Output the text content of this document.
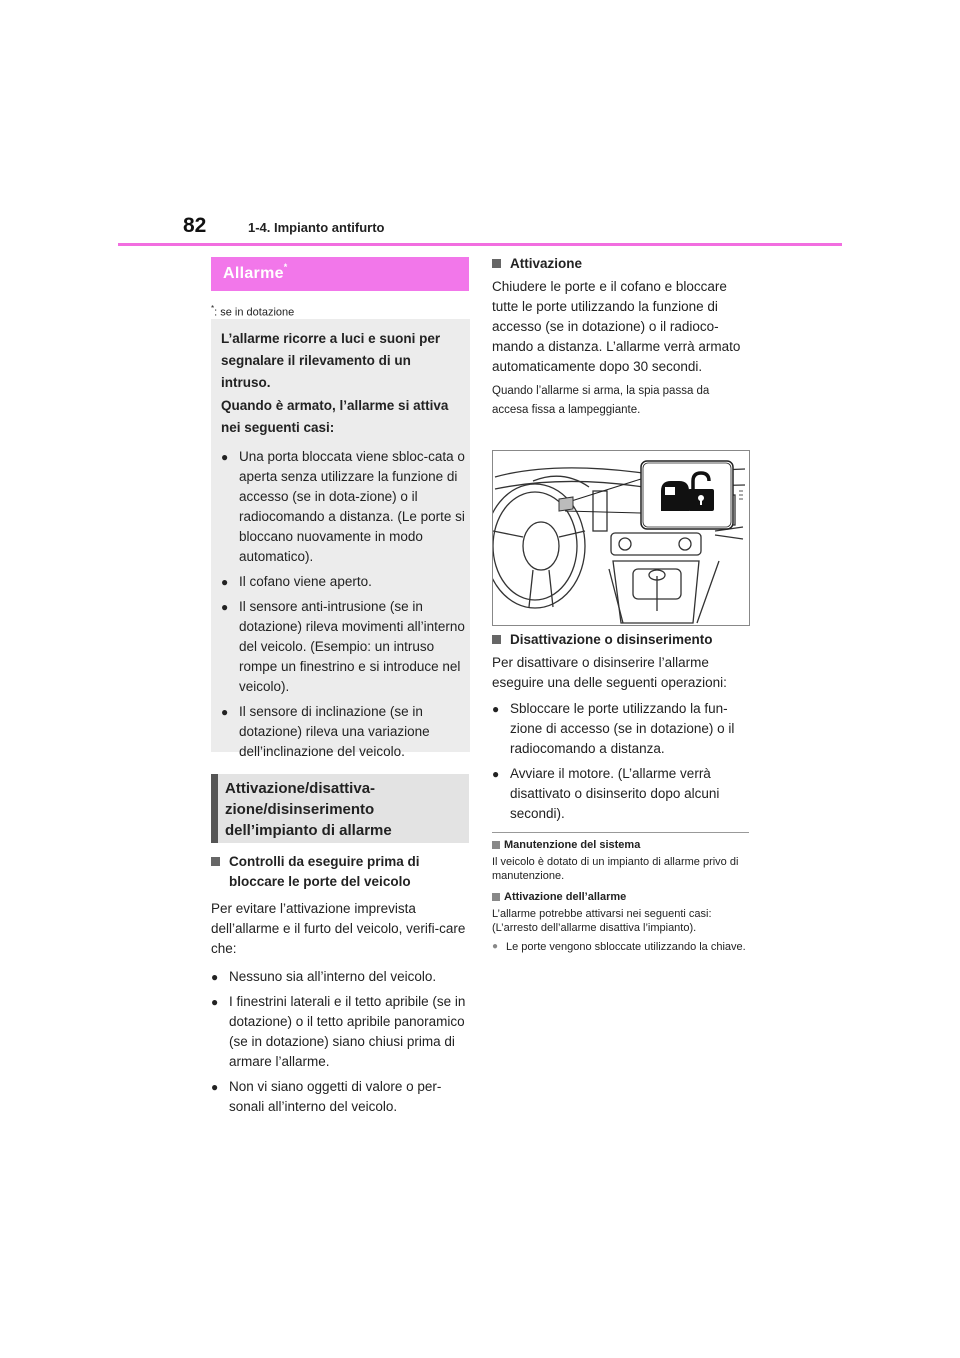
82	1-4. Impianto antifurto
Allarme*
*: se in dotazione
L’allarme ricorre a luci e suoni per segnalare il rilevamento di un intruso.
Quando è armato, l’allarme si attiva nei seguenti casi:
● Una porta bloccata viene sbloc-cata o aperta senza utilizzare la funzione di accesso (se in dota-zione) o il radiocomando a distanza. (Le porte si bloccano nuovamente in modo automatico).
● Il cofano viene aperto.
● Il sensore anti-intrusione (se in dotazione) rileva movimenti all’interno del veicolo. (Esempio: un intruso rompe un finestrino e si introduce nel veicolo).
● Il sensore di inclinazione (se in dotazione) rileva una variazione dell’inclinazione del veicolo.
Attivazione/disattiva-zione/disinserimento dell’impianto di allarme
Controlli da eseguire prima di bloccare le porte del veicolo
Per evitare l’attivazione imprevista dell’allarme e il furto del veicolo, verifi-care che:
● Nessuno sia all’interno del veicolo.
● I finestrini laterali e il tetto apribile (se in dotazione) o il tetto apribile panoramico (se in dotazione) siano chiusi prima di armare l’allarme.
● Non vi siano oggetti di valore o per-sonali all’interno del veicolo.
Attivazione
Chiudere le porte e il cofano e bloccare tutte le porte utilizzando la funzione di accesso (se in dotazione) o il radioco-mando a distanza. L’allarme verrà armato automaticamente dopo 30 secondi.
Quando l’allarme si arma, la spia passa da accesa fissa a lampeggiante.
Disattivazione o disinserimento
Per disattivare o disinserire l’allarme eseguire una delle seguenti operazioni:
● Sbloccare le porte utilizzando la fun-zione di accesso (se in dotazione) o il radiocomando a distanza.
● Avviare il motore. (L’allarme verrà disattivato o disinserito dopo alcuni secondi).
Manutenzione del sistema
Il veicolo è dotato di un impianto di allarme privo di manutenzione.
Attivazione dell’allarme
L’allarme potrebbe attivarsi nei seguenti casi: (L’arresto dell’allarme disattiva l’impianto).
● Le porte vengono sbloccate utilizzando la chiave.
